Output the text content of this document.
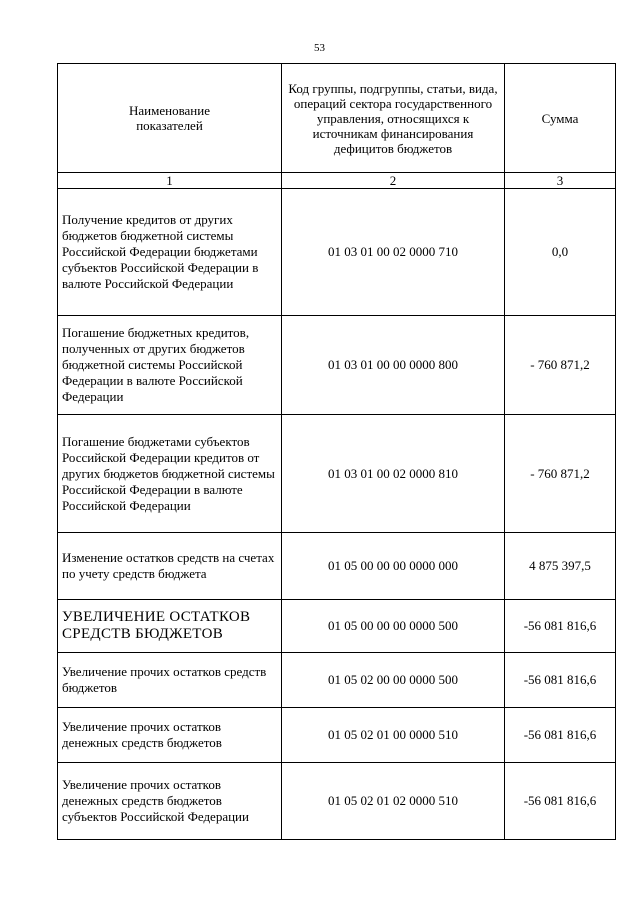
53
Наименование показателей	Код группы, подгруппы, статьи, вида, операций сектора государственного управления, относящихся к источникам финансирования дефицитов бюджетов	Сумма
1	2	3
Получение кредитов от других бюджетов бюджетной системы Российской Федерации бюджетами субъектов Российской Федерации в валюте Российской Федерации	01 03 01 00 02 0000 710	0,0
Погашение бюджетных кредитов, полученных от других бюджетов бюджетной системы Российской Федерации в валюте Российской Федерации	01 03 01 00 00 0000 800	- 760 871,2
Погашение бюджетами субъектов Российской Федерации кредитов от других бюджетов бюджетной системы Российской Федерации в валюте Российской Федерации	01 03 01 00 02 0000 810	- 760 871,2
Изменение остатков средств на счетах по учету средств бюджета	01 05 00 00 00 0000 000	4 875 397,5
УВЕЛИЧЕНИЕ ОСТАТКОВ СРЕДСТВ БЮДЖЕТОВ	01 05 00 00 00 0000 500	-56 081 816,6
Увеличение прочих остатков средств бюджетов	01 05 02 00 00 0000 500	-56 081 816,6
Увеличение прочих остатков денежных средств бюджетов	01 05 02 01 00 0000 510	-56 081 816,6
Увеличение прочих остатков денежных средств бюджетов субъектов Российской Федерации	01 05 02 01 02 0000 510	-56 081 816,6
